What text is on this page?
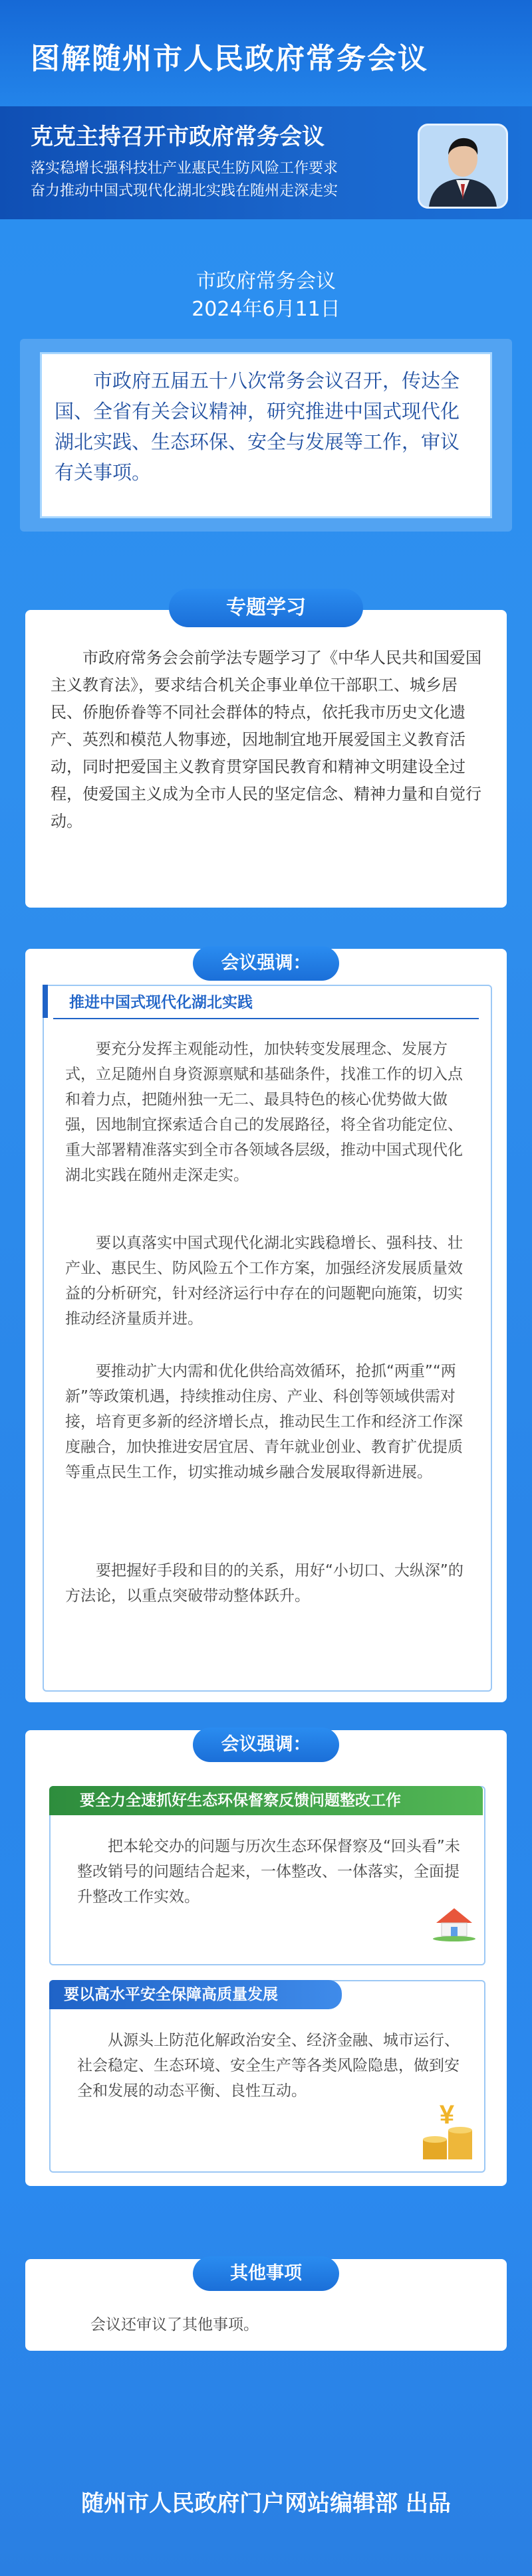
图解随州市人民政府常务会议
克克主持召开市政府常务会议
落实稳增长强科技壮产业惠民生防风险工作要求
奋力推动中国式现代化湖北实践在随州走深走实
市政府常务会议
2024年6月11日
市政府五届五十八次常务会议召开，传达全国、全省有关会议精神，研究推进中国式现代化湖北实践、生态环保、安全与发展等工作，审议有关事项。
专题学习
市政府常务会会前学法专题学习了《中华人民共和国爱国主义教育法》，要求结合机关企事业单位干部职工、城乡居民、侨胞侨眷等不同社会群体的特点，依托我市历史文化遗产、英烈和模范人物事迹，因地制宜地开展爱国主义教育活动，同时把爱国主义教育贯穿国民教育和精神文明建设全过程，使爱国主义成为全市人民的坚定信念、精神力量和自觉行动。
会议强调：
推进中国式现代化湖北实践
要充分发挥主观能动性，加快转变发展理念、发展方式，立足随州自身资源禀赋和基础条件，找准工作的切入点和着力点，把随州独一无二、最具特色的核心优势做大做强，因地制宜探索适合自己的发展路径，将全省功能定位、重大部署精准落实到全市各领域各层级，推动中国式现代化湖北实践在随州走深走实。
要以真落实中国式现代化湖北实践稳增长、强科技、壮产业、惠民生、防风险五个工作方案，加强经济发展质量效益的分析研究，针对经济运行中存在的问题靶向施策，切实推动经济量质并进。
要推动扩大内需和优化供给高效循环，抢抓“两重”“两新”等政策机遇，持续推动住房、产业、科创等领域供需对接，培育更多新的经济增长点，推动民生工作和经济工作深度融合，加快推进安居宜居、青年就业创业、教育扩优提质等重点民生工作，切实推动城乡融合发展取得新进展。
要把握好手段和目的的关系，用好“小切口、大纵深”的方法论，以重点突破带动整体跃升。
会议强调：
要全力全速抓好生态环保督察反馈问题整改工作
把本轮交办的问题与历次生态环保督察及“回头看”未整改销号的问题结合起来，一体整改、一体落实，全面提升整改工作实效。
要以高水平安全保障高质量发展
从源头上防范化解政治安全、经济金融、城市运行、社会稳定、生态环境、安全生产等各类风险隐患，做到安全和发展的动态平衡、良性互动。
¥
其他事项
会议还审议了其他事项。
随州市人民政府门户网站编辑部 出品
